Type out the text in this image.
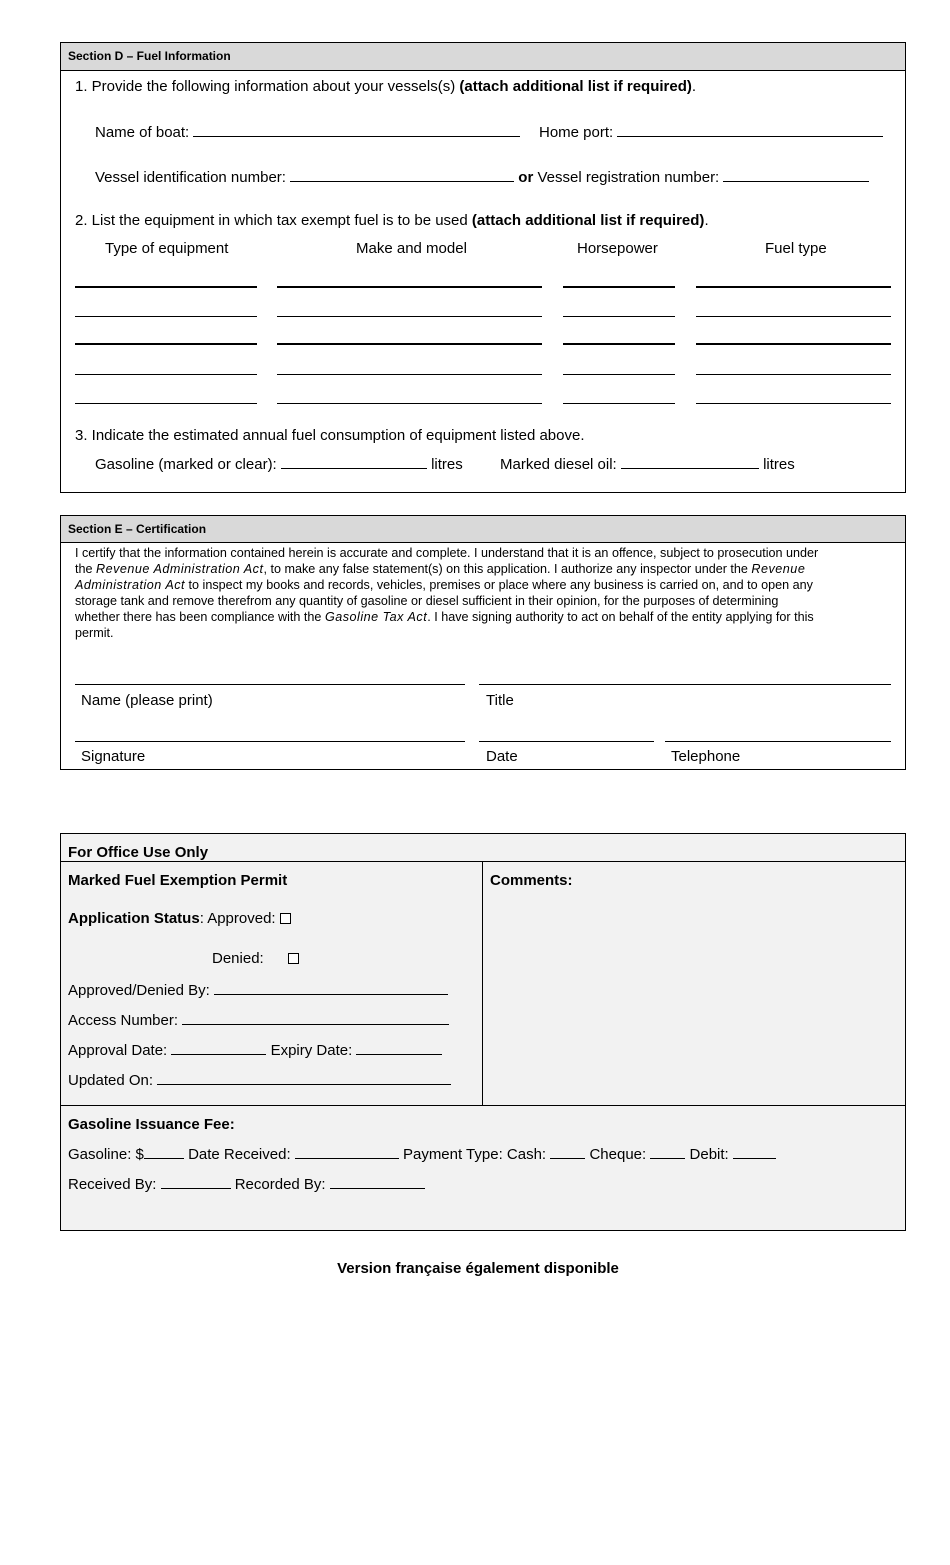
Section D – Fuel Information
1. Provide the following information about your vessels(s) (attach additional list if required).
Name of boat:	Home port:
Vessel identification number:	or Vessel registration number:
2. List the equipment in which tax exempt fuel is to be used (attach additional list if required).
Type of equipment	Make and model	Horsepower	Fuel type
3. Indicate the estimated annual fuel consumption of equipment listed above.
Gasoline (marked or clear):	litres Marked diesel oil:	litres
Section E – Certification
I certify that the information contained herein is accurate and complete. I understand that it is an offence, subject to prosecution under
the Revenue Administration Act, to make any false statement(s) on this application. I authorize any inspector under the Revenue
Administration Act to inspect my books and records, vehicles, premises or place where any business is carried on, and to open any
storage tank and remove therefrom any quantity of gasoline or diesel sufficient in their opinion, for the purposes of determining
whether there has been compliance with the Gasoline Tax Act. I have signing authority to act on behalf of the entity applying for this
permit.
Name (please print)	Title
Signature	Date	Telephone
For Office Use Only
Marked Fuel Exemption Permit	Comments:
Application Status: Approved:
Denied:
Approved/Denied By:
Access Number:
Approval Date:	Expiry Date:
Updated On:
Gasoline Issuance Fee:
Gasoline: $	Date Received:	Payment Type: Cash:	Cheque:	Debit:
Received By:	Recorded By:
Version française également disponible
